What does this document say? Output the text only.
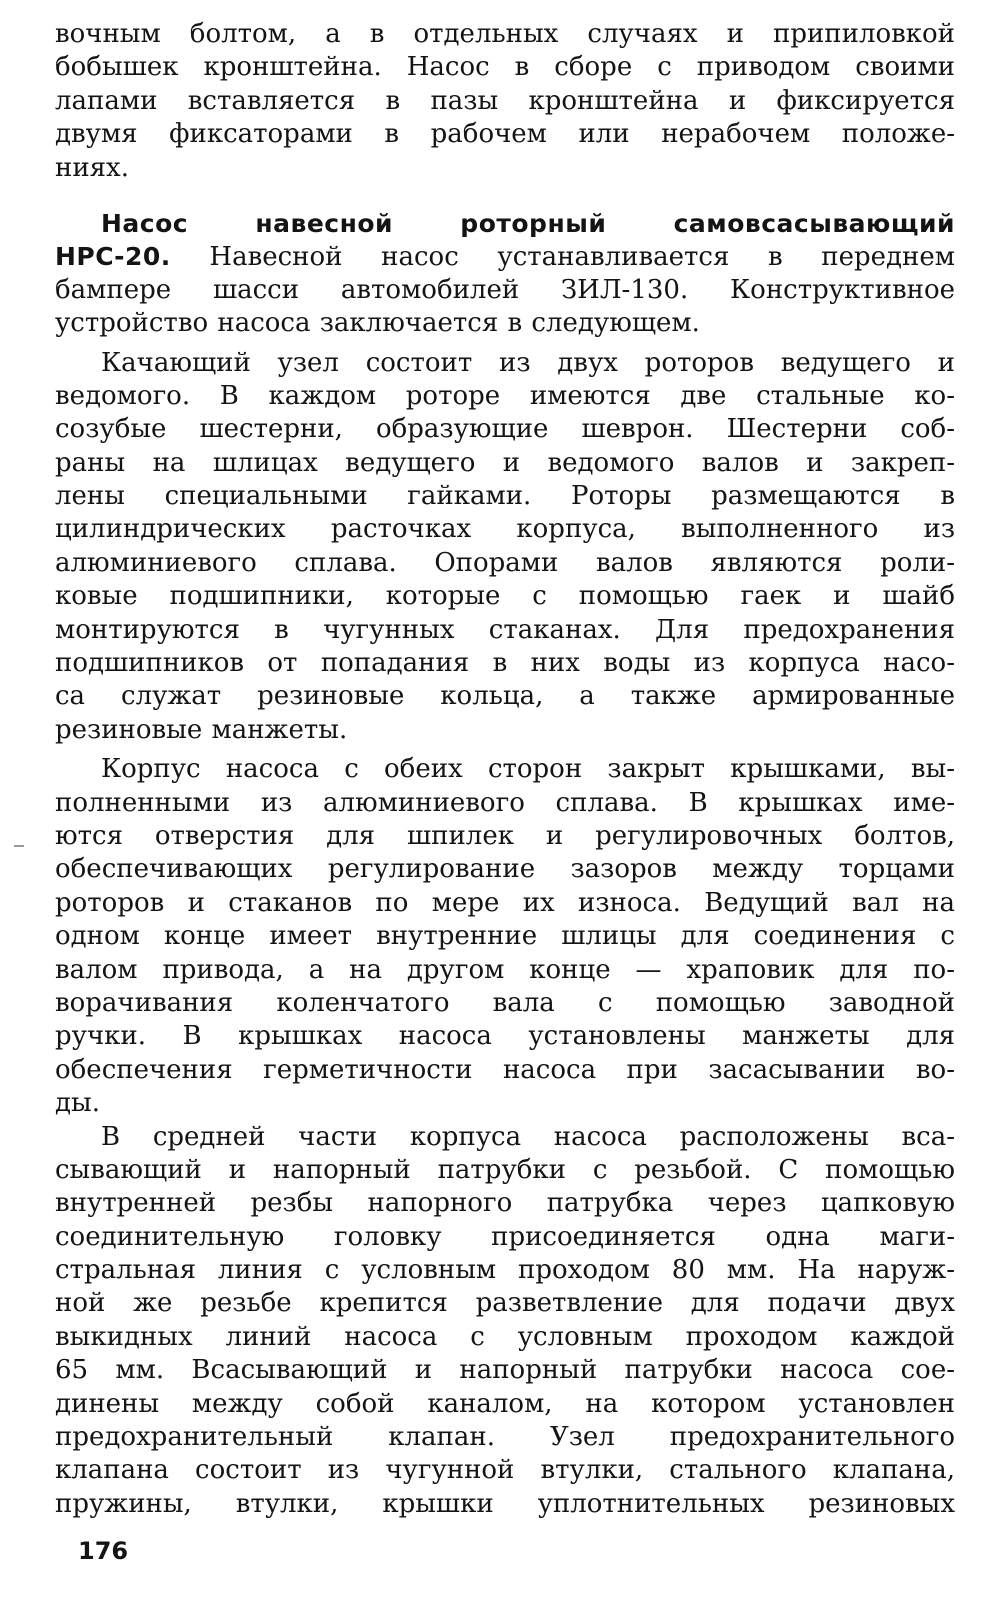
вочным болтом, а в отдельных случаях и припиловкой
бобышек кронштейна. Насос в сборе с приводом своими
лапами вставляется в пазы кронштейна и фиксируется
двумя фиксаторами в рабочем или нерабочем положе-
ниях.
Насос навесной роторный самовсасывающий
НРС-20. Навесной насос устанавливается в переднем
бампере шасси автомобилей ЗИЛ-130. Конструктивное
устройство насоса заключается в следующем.
Качающий узел состоит из двух роторов ведущего и
ведомого. В каждом роторе имеются две стальные ко-
созубые шестерни, образующие шеврон. Шестерни соб-
раны на шлицах ведущего и ведомого валов и закреп-
лены специальными гайками. Роторы размещаются в
цилиндрических расточках корпуса, выполненного из
алюминиевого сплава. Опорами валов являются роли-
ковые подшипники, которые с помощью гаек и шайб
монтируются в чугунных стаканах. Для предохранения
подшипников от попадания в них воды из корпуса насо-
са служат резиновые кольца, а также армированные
резиновые манжеты.
Корпус насоса с обеих сторон закрыт крышками, вы-
полненными из алюминиевого сплава. В крышках име-
ются отверстия для шпилек и регулировочных болтов,
обеспечивающих регулирование зазоров между торцами
роторов и стаканов по мере их износа. Ведущий вал на
одном конце имеет внутренние шлицы для соединения с
валом привода, а на другом конце — храповик для по-
ворачивания коленчатого вала с помощью заводной
ручки. В крышках насоса установлены манжеты для
обеспечения герметичности насоса при засасывании во-
ды.
В средней части корпуса насоса расположены вса-
сывающий и напорный патрубки с резьбой. С помощью
внутренней резбы напорного патрубка через цапковую
соединительную головку присоединяется одна маги-
стральная линия с условным проходом 80 мм. На наруж-
ной же резьбе крепится разветвление для подачи двух
выкидных линий насоса с условным проходом каждой
65 мм. Всасывающий и напорный патрубки насоса сое-
динены между собой каналом, на котором установлен
предохранительный клапан. Узел предохранительного
клапана состоит из чугунной втулки, стального клапана,
пружины, втулки, крышки уплотнительных резиновых
176
